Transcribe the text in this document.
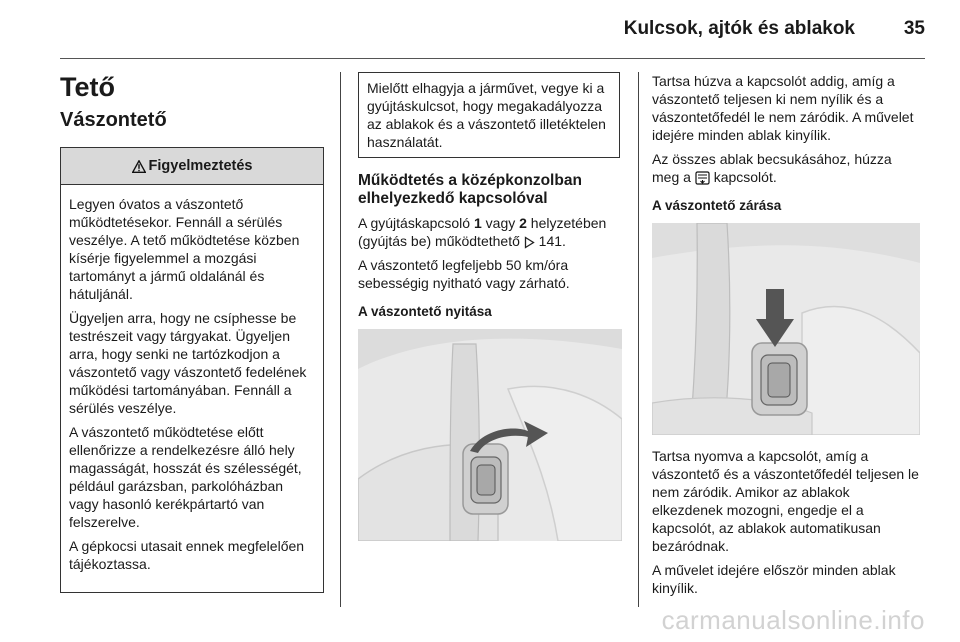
Kulcsok, ajtók és ablakok	35
Tető
Vászontető
Figyelmeztetés

Legyen óvatos a vászontető működtetésekor. Fennáll a sérülés veszélye. A tető működtetése közben kísérje figyelemmel a mozgási tartományt a jármű oldalánál és hátuljánál.

Ügyeljen arra, hogy ne csíphesse be testrészeit vagy tárgyakat. Ügyeljen arra, hogy senki ne tartózkodjon a vászontető vagy vászontető fedelének működési tartományában. Fennáll a sérülés veszélye.

A vászontető működtetése előtt ellenőrizze a rendelkezésre álló hely magasságát, hosszát és szélességét, például garázsban, parkolóházban vagy hasonló kerékpártartó van felszerelve.

A gépkocsi utasait ennek megfelelően tájékoztassa.

Mielőtt elhagyja a járművet, vegye ki a gyújtáskulcsot, hogy megakadályozza az ablakok és a vászontető illetéktelen használatát.

Működtetés a középkonzolban elhelyezkedő kapcsolóval

A gyújtáskapcsoló 1 vagy 2 helyzetében (gyújtás be) működtethető  141.

A vászontető legfeljebb 50 km/óra sebességig nyitható vagy zárható.

A vászontető nyitása

Tartsa húzva a kapcsolót addig, amíg a vászontető teljesen ki nem nyílik és a vászontetőfedél le nem záródik. A művelet idejére minden ablak kinyílik.

Az összes ablak becsukásához, húzza meg a  kapcsolót.

A vászontető zárása

Tartsa nyomva a kapcsolót, amíg a vászontető és a vászontetőfedél teljesen le nem záródik. Amikor az ablakok elkezdenek mozogni, engedje el a kapcsolót, az ablakok automatikusan bezáródnak.

A művelet idejére először minden ablak kinyílik.

carmanualsonline.info
